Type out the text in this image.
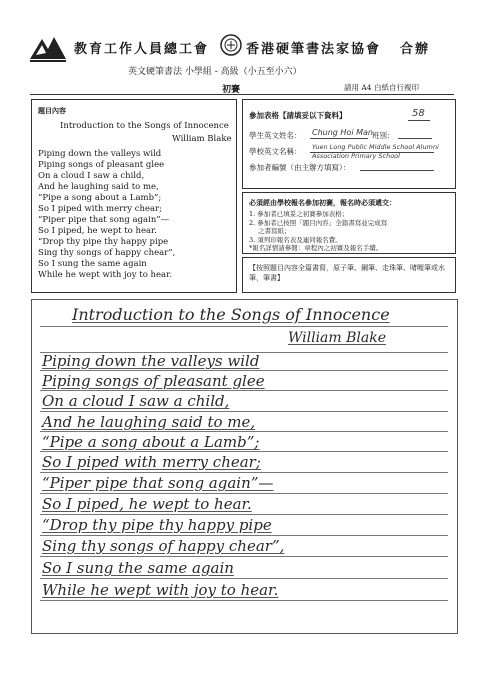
教育工作人員總工會	香港硬筆書法家協會 合辦
英文硬筆書法 小學組 - 高級（小五至小六）
初賽	請用 A4 白紙自行複印
題目內容
Introduction to the Songs of Innocence
William Blake
Piping down the valleys wild
Piping songs of pleasant glee
On a cloud I saw a child,
And he laughing said to me,
“Pipe a song about a Lamb”;
So I piped with merry chear;
“Piper pipe that song again”—
So I piped, he wept to hear.
“Drop thy pipe thy happy pipe
Sing thy songs of happy chear”,
So I sung the same again
While he wept with joy to hear.
參加表格【請填妥以下資料】	58
學生英文姓名： Chung Hoi Man 班別：
學校英文名稱： Yuen Long Public Middle School Alumni
Association Primary School
參加者編號（由主辦方填寫）：
必須經由學校報名參加初賽，報名時必須遞交：
1. 參加者已填妥之初賽參加表格；
2. 參加者已按照「題目內容」全篇書寫並完成寫
之書寫紙；
3. 須列印報名表及連同報名費。
*報名詳情請參閱：章程內之初賽及報名手續。
【按照題目內容全篇書寫，原子筆、鋼筆、走珠筆、啫喱筆或水筆，筆書】
Introduction to the Songs of Innocence
William Blake
Piping down the valleys wild
Piping songs of pleasant glee
On a cloud I saw a child,
And he laughing said to me,
“Pipe a song about a Lamb”;
So I piped with merry chear;
“Piper pipe that song again”—
So I piped, he wept to hear.
“Drop thy pipe thy happy pipe
Sing thy songs of happy chear”,
So I sung the same again
While he wept with joy to hear.
